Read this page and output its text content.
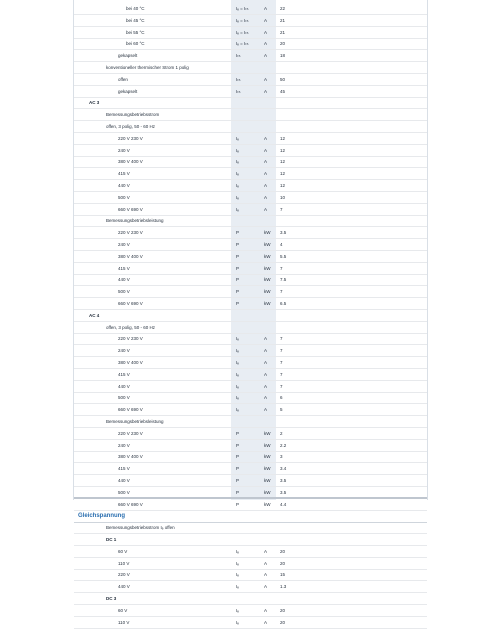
bei 40 °C	Iₑ = Iₜₕ	A	22
bei 45 °C	Iₑ = Iₜₕ	A	21
bei 55 °C	Iₑ = Iₜₕ	A	21
bei 60 °C	Iₑ = Iₜₕ	A	20
gekapselt	Iₜₕ	A	18
konventioneller thermischer Strom 1 polig
offen	Iₜₕ	A	50
gekapselt	Iₜₕ	A	45
AC 3
Bemessungsbetriebsstrom
offen, 3 polig, 50 - 60 Hz
220 V 230 V	Iₑ	A	12
240 V	Iₑ	A	12
380 V 400 V	Iₑ	A	12
415 V	Iₑ	A	12
440 V	Iₑ	A	12
500 V	Iₑ	A	10
660 V 690 V	Iₑ	A	7
Bemessungsbetriebsleistung
220 V 230 V	P	kW 3.5
240 V	P	kW 4
380 V 400 V	P	kW 5.5
415 V	P	kW 7
440 V	P	kW 7.5
500 V	P	kW 7
660 V 690 V	P	kW 6.5
AC 4
offen, 3 polig, 50 - 60 Hz
220 V 230 V	Iₑ	A	7
240 V	Iₑ	A	7
380 V 400 V	Iₑ	A	7
415 V	Iₑ	A	7
440 V	Iₑ	A	7
500 V	Iₑ	A	6
660 V 690 V	Iₑ	A	5
Bemessungsbetriebsleistung
220 V 230 V	P	kW 2
240 V	P	kW 2.2
380 V 400 V	P	kW 3
415 V	P	kW 3.4
440 V	P	kW 3.5
500 V	P	kW 3.5
660 V 690 V	P	kW 4.4
Gleichspannung
Bemessungsbetriebsstrom Iₑ offen
DC 1
60 V	Iₑ	A	20
110 V	Iₑ	A	20
220 V	Iₑ	A	15
440 V	Iₑ	A	1.3
DC 3
60 V	Iₑ	A	20
110 V	Iₑ	A	20
